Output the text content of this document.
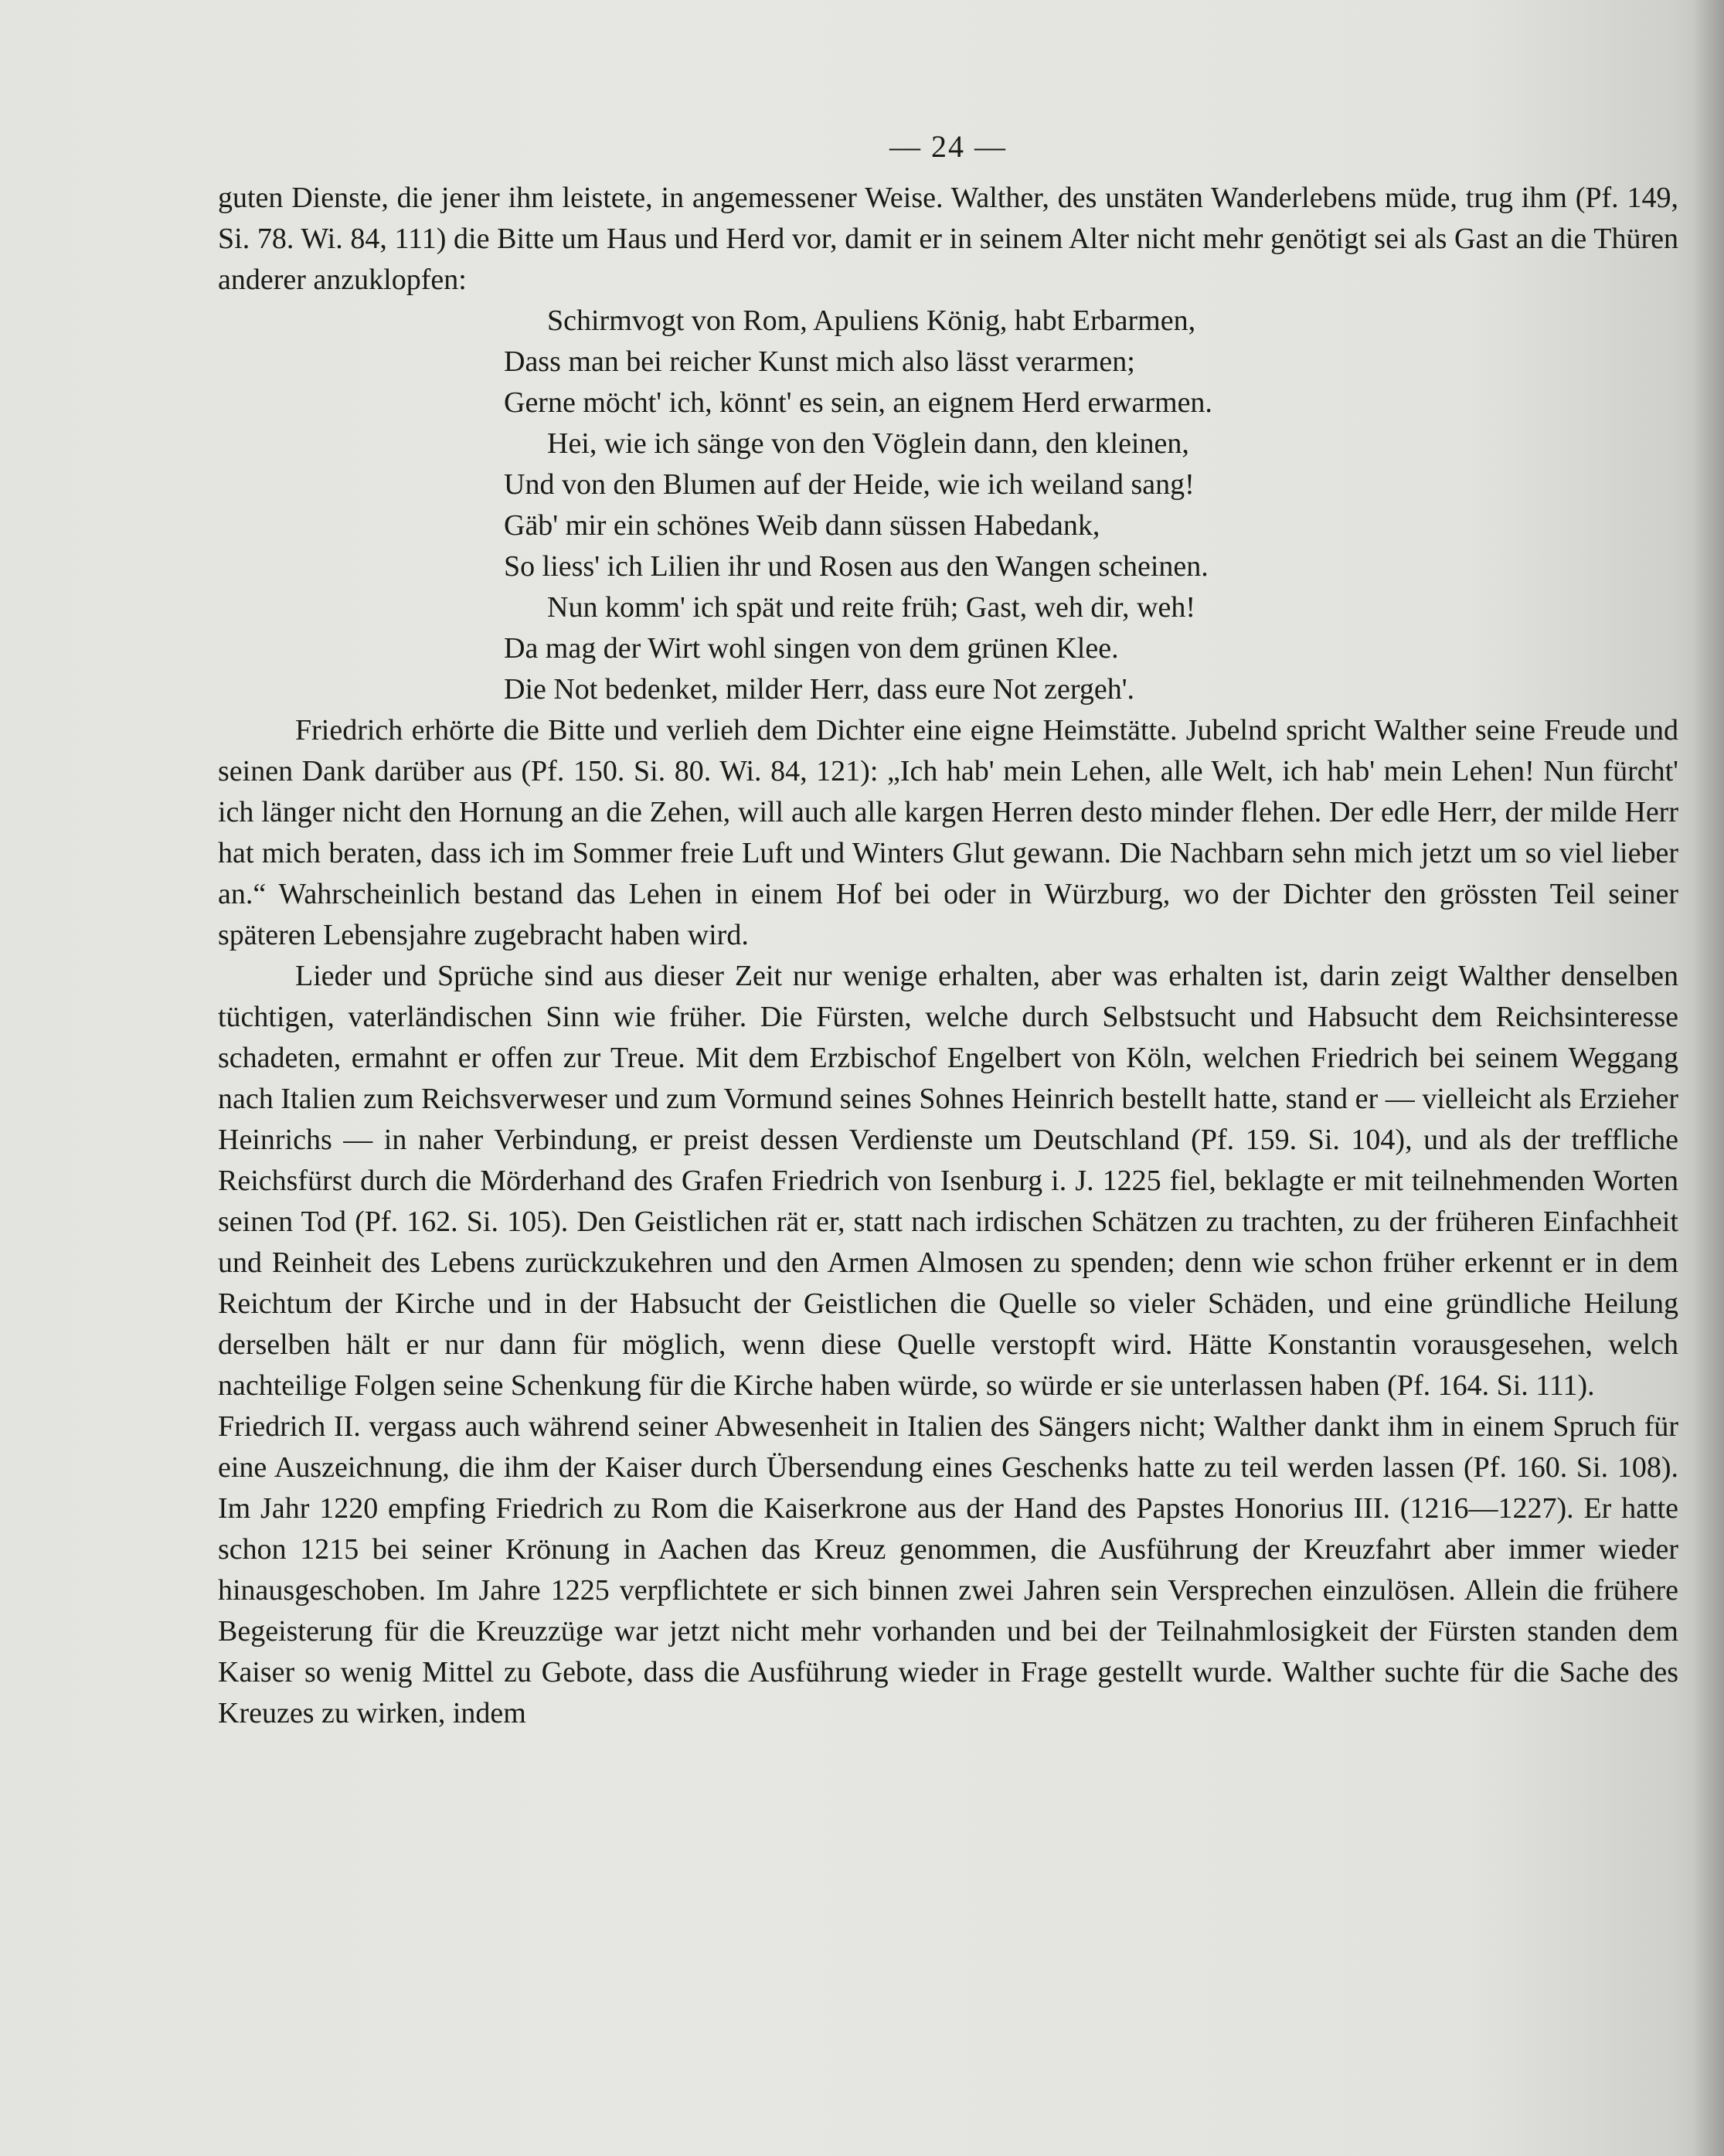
— 24 —

guten Dienste, die jener ihm leistete, in angemessener Weise. Walther, des unstäten Wanderlebens müde, trug ihm (Pf. 149, Si. 78. Wi. 84, 111) die Bitte um Haus und Herd vor, damit er in seinem Alter nicht mehr genötigt sei als Gast an die Thüren anderer anzuklopfen:

Schirmvogt von Rom, Apuliens König, habt Erbarmen,
Dass man bei reicher Kunst mich also lässt verarmen;
Gerne möcht' ich, könnt' es sein, an eignem Herd erwarmen.
Hei, wie ich sänge von den Vöglein dann, den kleinen,
Und von den Blumen auf der Heide, wie ich weiland sang!
Gäb' mir ein schönes Weib dann süssen Habedank,
So liess' ich Lilien ihr und Rosen aus den Wangen scheinen.
Nun komm' ich spät und reite früh; Gast, weh dir, weh!
Da mag der Wirt wohl singen von dem grünen Klee.
Die Not bedenket, milder Herr, dass eure Not zergeh'.

Friedrich erhörte die Bitte und verlieh dem Dichter eine eigne Heimstätte. Jubelnd spricht Walther seine Freude und seinen Dank darüber aus (Pf. 150. Si. 80. Wi. 84, 121): „Ich hab' mein Lehen, alle Welt, ich hab' mein Lehen! Nun fürcht' ich länger nicht den Hornung an die Zehen, will auch alle kargen Herren desto minder flehen. Der edle Herr, der milde Herr hat mich beraten, dass ich im Sommer freie Luft und Winters Glut gewann. Die Nachbarn sehn mich jetzt um so viel lieber an.“ Wahrscheinlich bestand das Lehen in einem Hof bei oder in Würzburg, wo der Dichter den grössten Teil seiner späteren Lebensjahre zugebracht haben wird.

Lieder und Sprüche sind aus dieser Zeit nur wenige erhalten, aber was erhalten ist, darin zeigt Walther denselben tüchtigen, vaterländischen Sinn wie früher. Die Fürsten, welche durch Selbstsucht und Habsucht dem Reichsinteresse schadeten, ermahnt er offen zur Treue. Mit dem Erzbischof Engelbert von Köln, welchen Friedrich bei seinem Weggang nach Italien zum Reichsverweser und zum Vormund seines Sohnes Heinrich bestellt hatte, stand er — vielleicht als Erzieher Heinrichs — in naher Verbindung, er preist dessen Verdienste um Deutschland (Pf. 159. Si. 104), und als der treffliche Reichsfürst durch die Mörderhand des Grafen Friedrich von Isenburg i. J. 1225 fiel, beklagte er mit teilnehmenden Worten seinen Tod (Pf. 162. Si. 105). Den Geistlichen rät er, statt nach irdischen Schätzen zu trachten, zu der früheren Einfachheit und Reinheit des Lebens zurückzukehren und den Armen Almosen zu spenden; denn wie schon früher erkennt er in dem Reichtum der Kirche und in der Habsucht der Geistlichen die Quelle so vieler Schäden, und eine gründliche Heilung derselben hält er nur dann für möglich, wenn diese Quelle verstopft wird. Hätte Konstantin vorausgesehen, welch nachteilige Folgen seine Schenkung für die Kirche haben würde, so würde er sie unterlassen haben (Pf. 164. Si. 111).

Friedrich II. vergass auch während seiner Abwesenheit in Italien des Sängers nicht; Walther dankt ihm in einem Spruch für eine Auszeichnung, die ihm der Kaiser durch Übersendung eines Geschenks hatte zu teil werden lassen (Pf. 160. Si. 108). Im Jahr 1220 empfing Friedrich zu Rom die Kaiserkrone aus der Hand des Papstes Honorius III. (1216—1227). Er hatte schon 1215 bei seiner Krönung in Aachen das Kreuz genommen, die Ausführung der Kreuzfahrt aber immer wieder hinausgeschoben. Im Jahre 1225 verpflichtete er sich binnen zwei Jahren sein Versprechen einzulösen. Allein die frühere Begeisterung für die Kreuzzüge war jetzt nicht mehr vorhanden und bei der Teilnahmlosigkeit der Fürsten standen dem Kaiser so wenig Mittel zu Gebote, dass die Ausführung wieder in Frage gestellt wurde. Walther suchte für die Sache des Kreuzes zu wirken, indem
